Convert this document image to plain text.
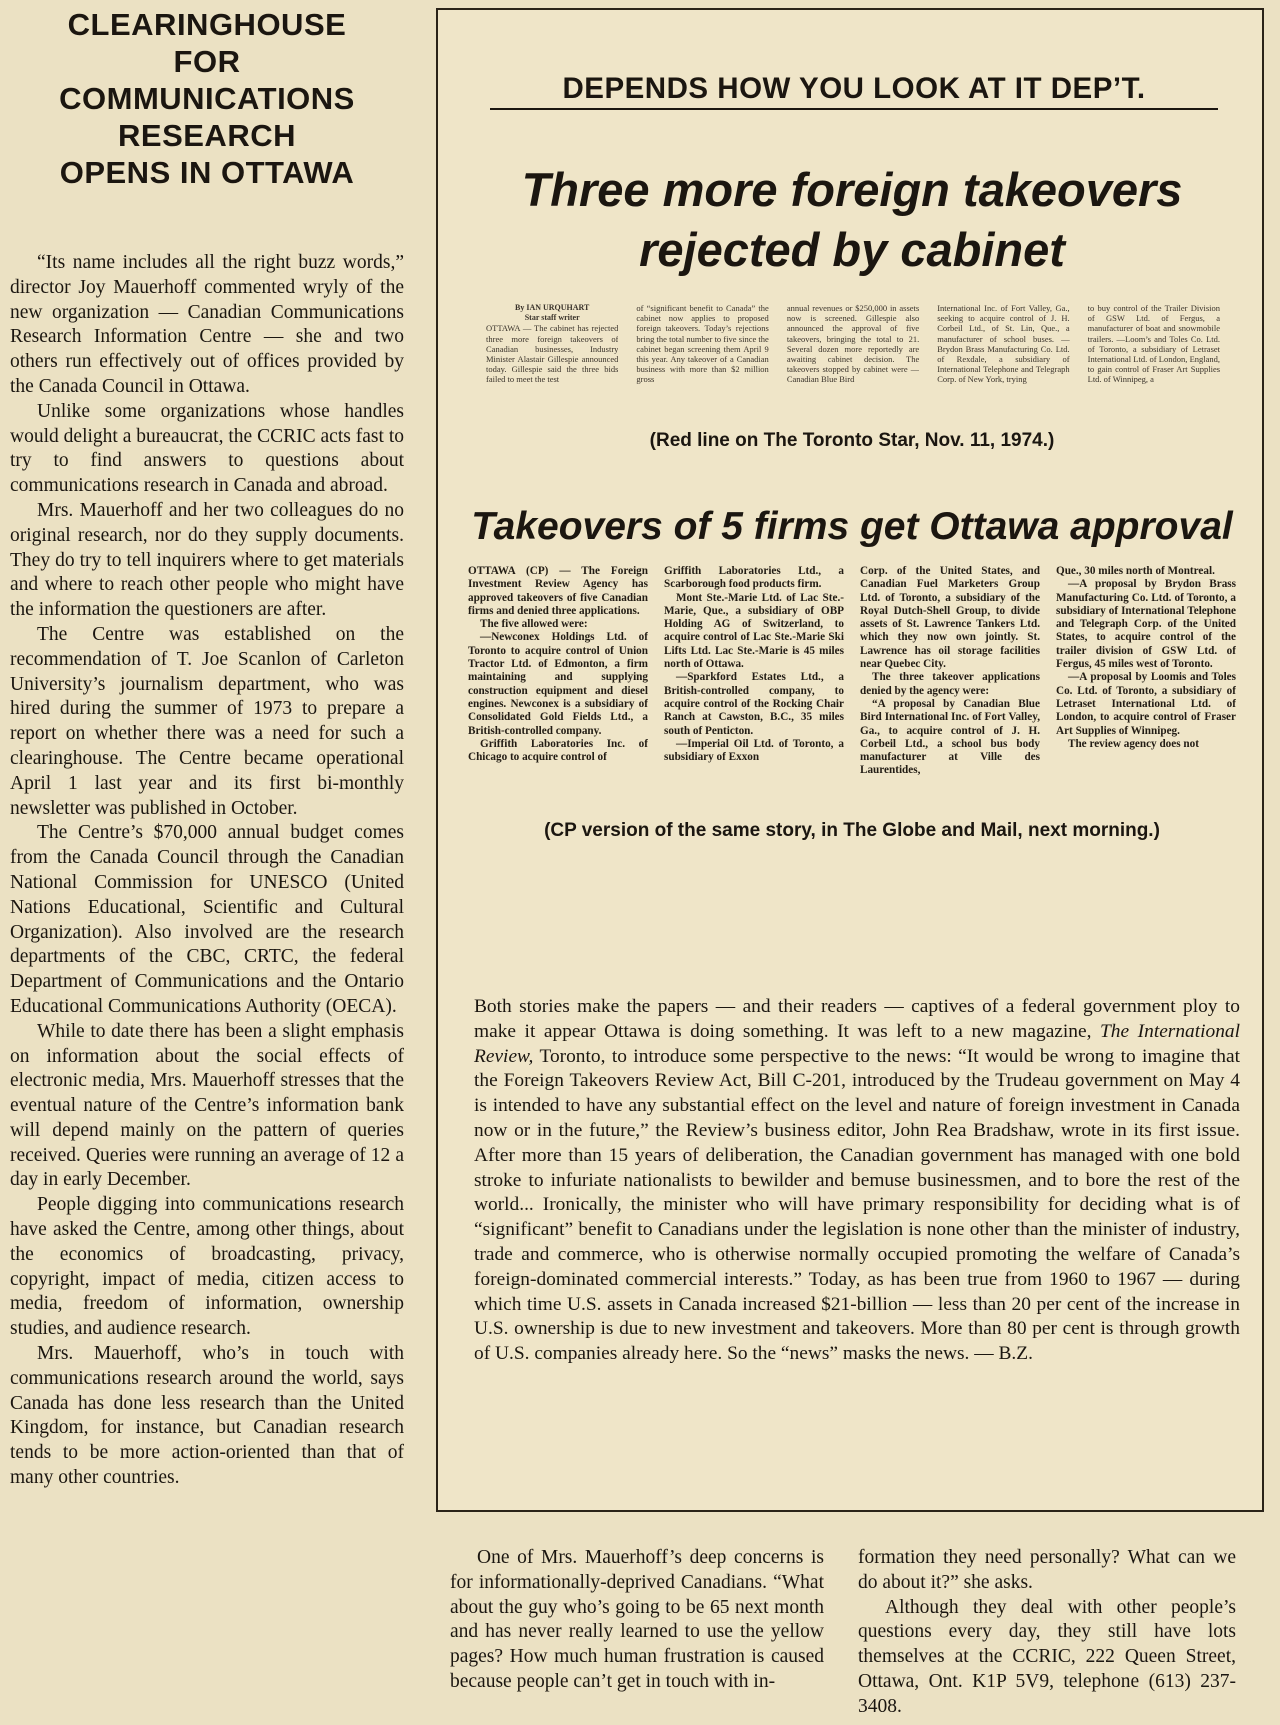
CLEARINGHOUSE
FOR
COMMUNICATIONS
RESEARCH
OPENS IN OTTAWA

“Its name includes all the right buzz words,” director Joy Mauerhoff commented wryly of the new organization — Canadian Communications Research Information Centre — she and two others run effectively out of offices provided by the Canada Council in Ottawa.

Unlike some organizations whose handles would delight a bureaucrat, the CCRIC acts fast to try to find answers to questions about communications research in Canada and abroad.

Mrs. Mauerhoff and her two colleagues do no original research, nor do they supply documents. They do try to tell inquirers where to get materials and where to reach other people who might have the information the questioners are after.

The Centre was established on the recommendation of T. Joe Scanlon of Carleton University’s journalism department, who was hired during the summer of 1973 to prepare a report on whether there was a need for such a clearinghouse. The Centre became operational April 1 last year and its first bi-monthly newsletter was published in October.

The Centre’s $70,000 annual budget comes from the Canada Council through the Canadian National Commission for UNESCO (United Nations Educational, Scientific and Cultural Organization). Also involved are the research departments of the CBC, CRTC, the federal Department of Communications and the Ontario Educational Communications Authority (OECA).

While to date there has been a slight emphasis on information about the social effects of electronic media, Mrs. Mauerhoff stresses that the eventual nature of the Centre’s information bank will depend mainly on the pattern of queries received. Queries were running an average of 12 a day in early December.

People digging into communications research have asked the Centre, among other things, about the economics of broadcasting, privacy, copyright, impact of media, citizen access to media, freedom of information, ownership studies, and audience research.

Mrs. Mauerhoff, who’s in touch with communications research around the world, says Canada has done less research than the United Kingdom, for instance, but Canadian research tends to be more action-oriented than that of many other countries.

DEPENDS HOW YOU LOOK AT IT DEP’T.
Three more foreign takeovers
rejected by cabinet
By IAN URQUHART
Star staff writer
OTTAWA — The cabinet has rejected three more foreign takeovers of Canadian businesses, Industry Minister Alastair Gillespie announced today. Gillespie said the three bids failed to meet the test
of “significant benefit to Canada” the cabinet now applies to proposed foreign takeovers. Today’s rejections bring the total number to five since the cabinet began screening them April 9 this year. Any takeover of a Canadian business with more than $2 million gross
annual revenues or $250,000 in assets now is screened. Gillespie also announced the approval of five takeovers, bringing the total to 21. Several dozen more reportedly are awaiting cabinet decision. The takeovers stopped by cabinet were — Canadian Blue Bird
International Inc. of Fort Valley, Ga., seeking to acquire control of J. H. Corbeil Ltd., of St. Lin, Que., a manufacturer of school buses. —Brydon Brass Manufacturing Co. Ltd. of Rexdale, a subsidiary of International Telephone and Telegraph Corp. of New York, trying
to buy control of the Trailer Division of GSW Ltd. of Fergus, a manufacturer of boat and snowmobile trailers. —Loom’s and Toles Co. Ltd. of Toronto, a subsidiary of Letraset International Ltd. of London, England, to gain control of Fraser Art Supplies Ltd. of Winnipeg, a
(Red line on The Toronto Star, Nov. 11, 1974.)
Takeovers of 5 firms get Ottawa approval

OTTAWA (CP) — The Foreign Investment Review Agency has approved takeovers of five Canadian firms and denied three applications.

The five allowed were:

—Newconex Holdings Ltd. of Toronto to acquire control of Union Tractor Ltd. of Edmonton, a firm maintaining and supplying construction equipment and diesel engines. Newconex is a subsidiary of Consolidated Gold Fields Ltd., a British-controlled company.

Griffith Laboratories Inc. of Chicago to acquire control of

Griffith Laboratories Ltd., a Scarborough food products firm.

Mont Ste.-Marie Ltd. of Lac Ste.-Marie, Que., a subsidiary of OBP Holding AG of Switzerland, to acquire control of Lac Ste.-Marie Ski Lifts Ltd. Lac Ste.-Marie is 45 miles north of Ottawa.

—Sparkford Estates Ltd., a British-controlled company, to acquire control of the Rocking Chair Ranch at Cawston, B.C., 35 miles south of Penticton.

—Imperial Oil Ltd. of Toronto, a subsidiary of Exxon

Corp. of the United States, and Canadian Fuel Marketers Group Ltd. of Toronto, a subsidiary of the Royal Dutch-Shell Group, to divide assets of St. Lawrence Tankers Ltd. which they now own jointly. St. Lawrence has oil storage facilities near Quebec City.

The three takeover applications denied by the agency were:

“A proposal by Canadian Blue Bird International Inc. of Fort Valley, Ga., to acquire control of J. H. Corbeil Ltd., a school bus body manufacturer at Ville des Laurentides,

Que., 30 miles north of Montreal.

—A proposal by Brydon Brass Manufacturing Co. Ltd. of Toronto, a subsidiary of International Telephone and Telegraph Corp. of the United States, to acquire control of the trailer division of GSW Ltd. of Fergus, 45 miles west of Toronto.

—A proposal by Loomis and Toles Co. Ltd. of Toronto, a subsidiary of Letraset International Ltd. of London, to acquire control of Fraser Art Supplies of Winnipeg.

The review agency does not

(CP version of the same story, in The Globe and Mail, next morning.)
Both stories make the papers — and their readers — captives of a federal government ploy to make it appear Ottawa is doing something. It was left to a new magazine, The International Review, Toronto, to introduce some perspective to the news: “It would be wrong to imagine that the Foreign Takeovers Review Act, Bill C-201, introduced by the Trudeau government on May 4 is intended to have any substantial effect on the level and nature of foreign investment in Canada now or in the future,” the Review’s business editor, John Rea Bradshaw, wrote in its first issue. After more than 15 years of deliberation, the Canadian government has managed with one bold stroke to infuriate nationalists to bewilder and bemuse businessmen, and to bore the rest of the world... Ironically, the minister who will have primary responsibility for deciding what is of “significant” benefit to Canadians under the legislation is none other than the minister of industry, trade and commerce, who is otherwise normally occupied promoting the welfare of Canada’s foreign-dominated commercial interests.” Today, as has been true from 1960 to 1967 — during which time U.S. assets in Canada increased $21-billion — less than 20 per cent of the increase in U.S. ownership is due to new investment and takeovers. More than 80 per cent is through growth of U.S. companies already here. So the “news” masks the news. — B.Z.

One of Mrs. Mauerhoff’s deep concerns is for informationally-deprived Canadians. “What about the guy who’s going to be 65 next month and has never really learned to use the yellow pages? How much human frustration is caused because people can’t get in touch with in-

formation they need personally? What can we do about it?” she asks.

Although they deal with other people’s questions every day, they still have lots themselves at the CCRIC, 222 Queen Street, Ottawa, Ont. K1P 5V9, telephone (613) 237-3408.
